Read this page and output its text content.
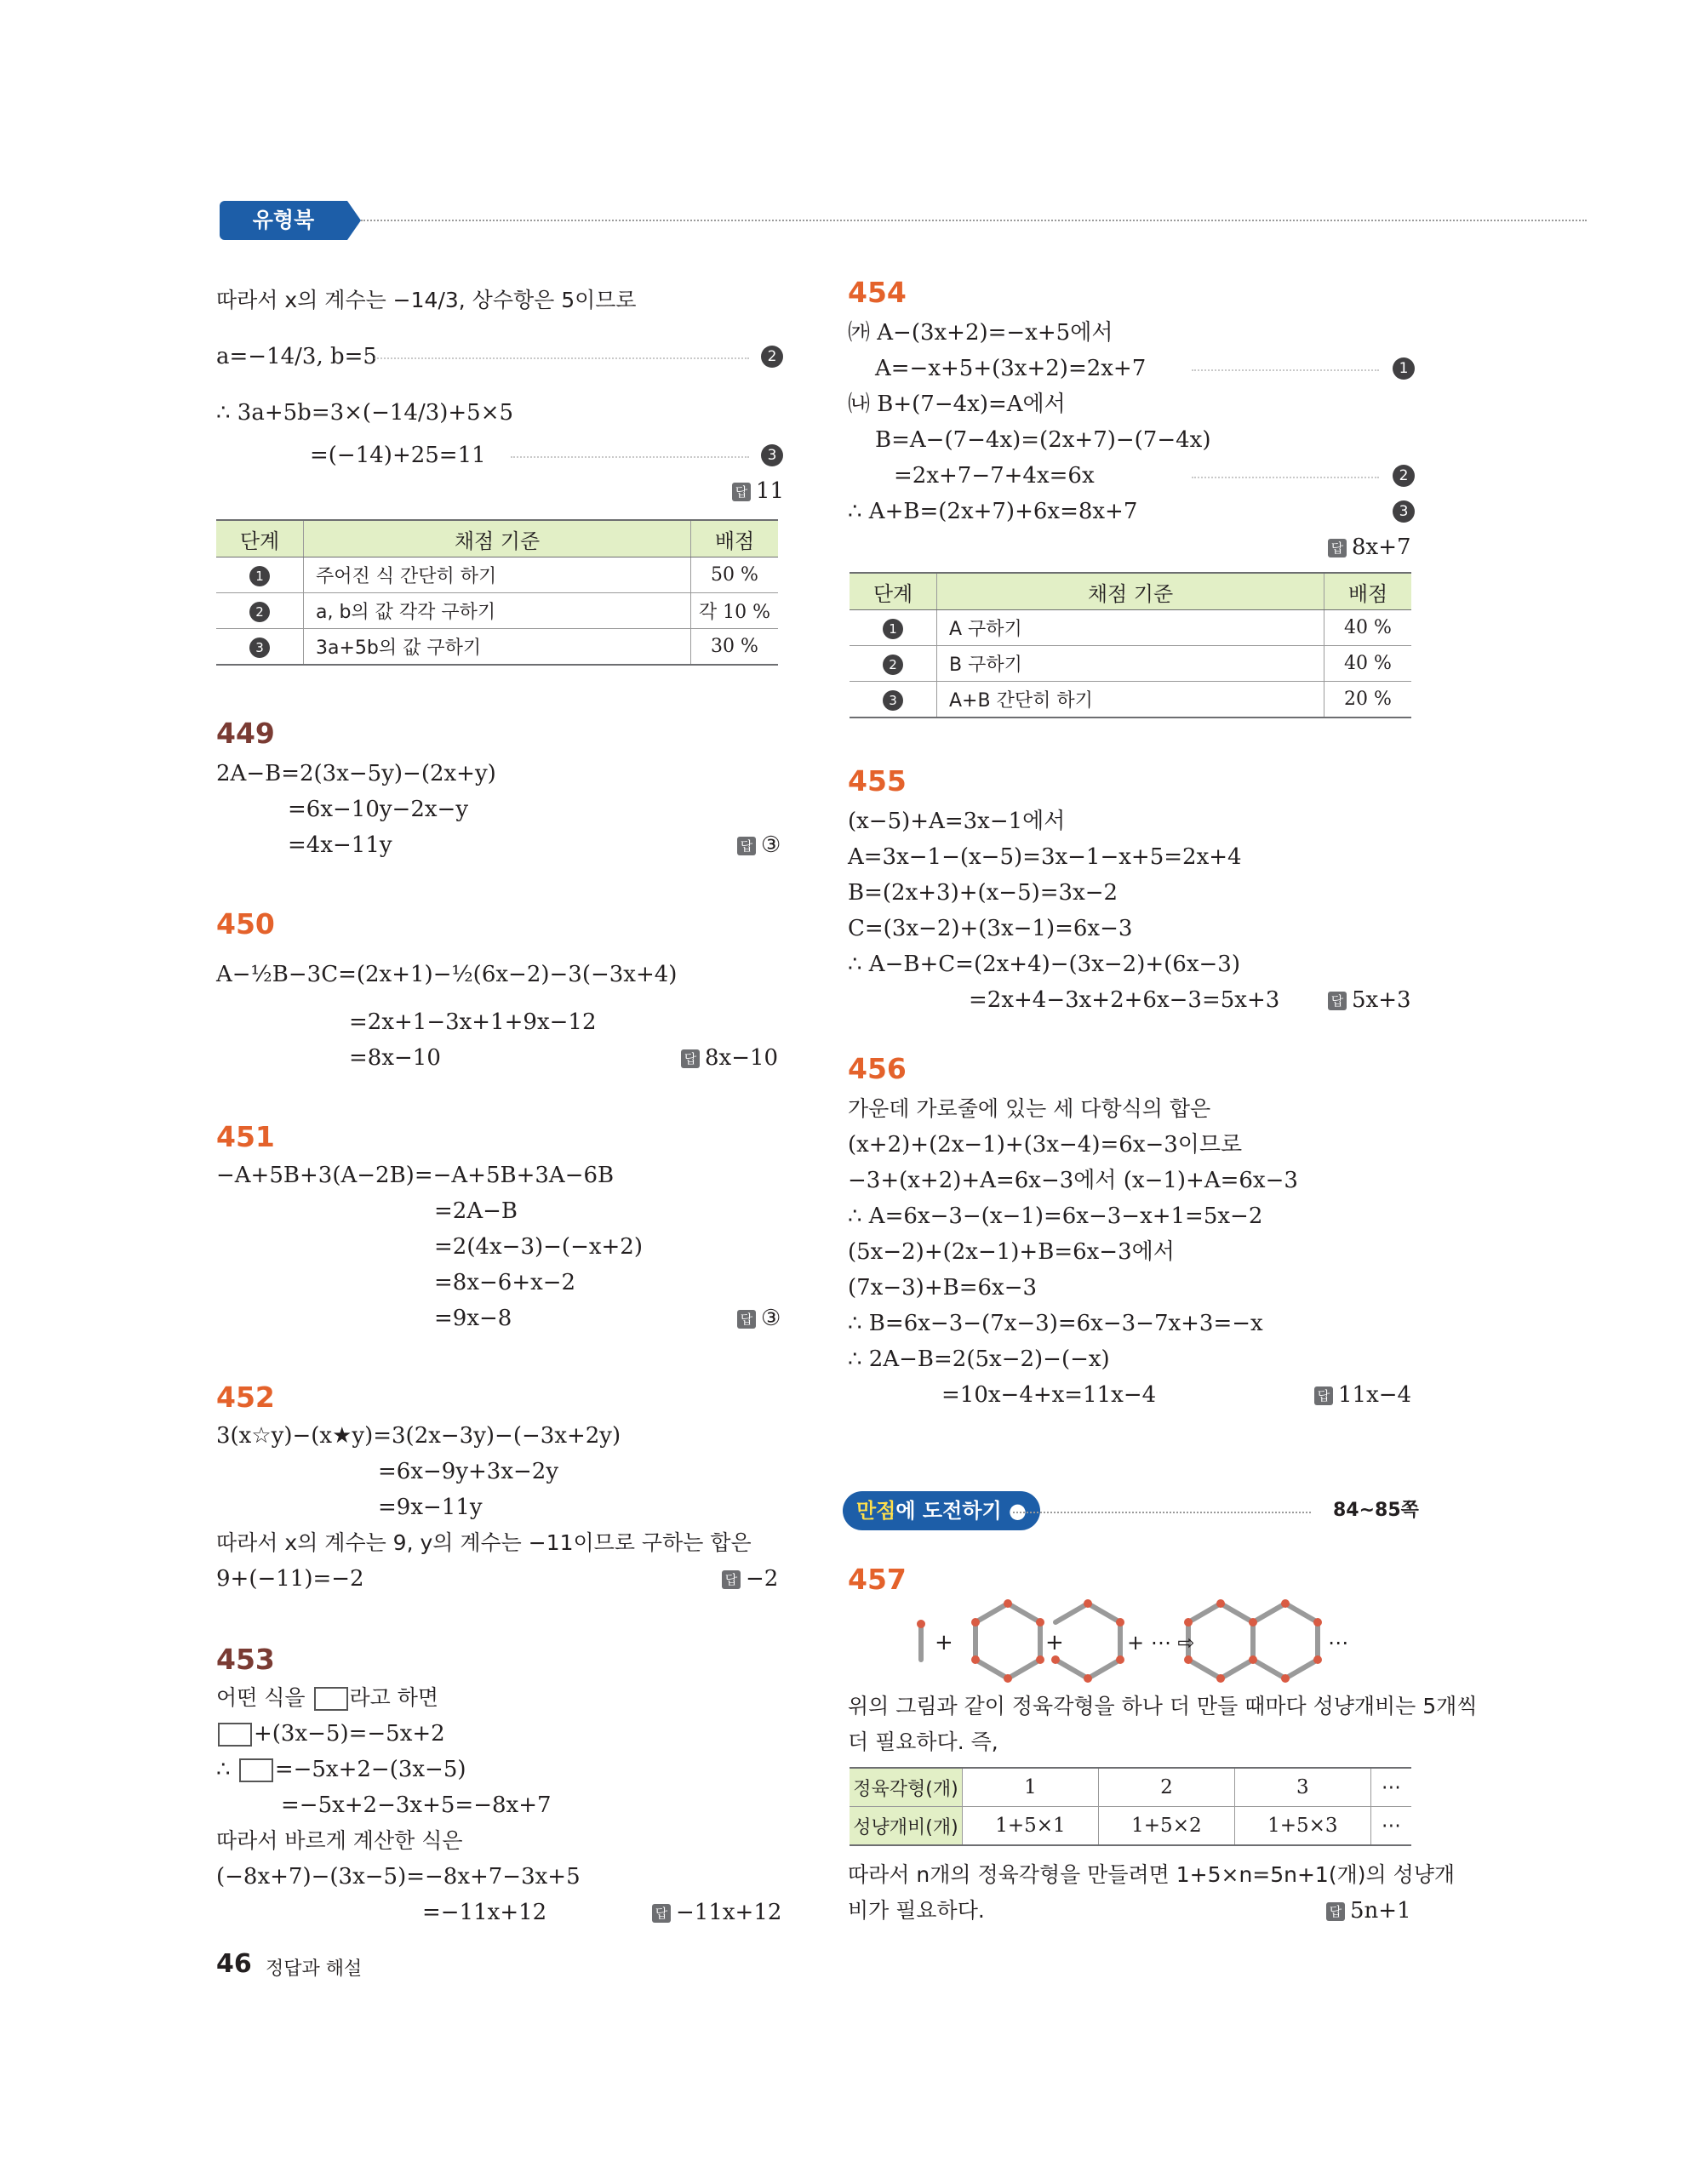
유형북
따라서 x의 계수는 −14/3, 상수항은 5이므로
a=−14/3, b=5	2
∴ 3a+5b=3×(−14/3)+5×5
=(−14)+25=11	3
답 11
단계	채점 기준	배점
1	주어진 식 간단히 하기	50 %
2	a, b의 값 각각 구하기	각 10 %
3	3a+5b의 값 구하기	30 %
449
2A−B=2(3x−5y)−(2x+y)
=6x−10y−2x−y
=4x−11y	답 ③
450
A−½B−3C=(2x+1)−½(6x−2)−3(−3x+4)
=2x+1−3x+1+9x−12
=8x−10	답 8x−10
451
−A+5B+3(A−2B)=−A+5B+3A−6B
=2A−B
=2(4x−3)−(−x+2)
=8x−6+x−2
=9x−8	답 ③
452
3(x☆y)−(x★y)=3(2x−3y)−(−3x+2y)
=6x−9y+3x−2y
=9x−11y
따라서 x의 계수는 9, y의 계수는 −11이므로 구하는 합은
9+(−11)=−2	답 −2
453
어떤 식을 라고 하면
+(3x−5)=−5x+2
∴ =−5x+2−(3x−5)
=−5x+2−3x+5=−8x+7
따라서 바르게 계산한 식은
(−8x+7)−(3x−5)=−8x+7−3x+5
=−11x+12	답 −11x+12
454
㈎ A−(3x+2)=−x+5에서
A=−x+5+(3x+2)=2x+7	1
㈏ B+(7−4x)=A에서
B=A−(7−4x)=(2x+7)−(7−4x)
=2x+7−7+4x=6x	2
∴ A+B=(2x+7)+6x=8x+7	3
답 8x+7
단계	채점 기준	배점
1	A 구하기	40 %
2	B 구하기	40 %
3	A+B 간단히 하기	20 %
455
(x−5)+A=3x−1에서
A=3x−1−(x−5)=3x−1−x+5=2x+4
B=(2x+3)+(x−5)=3x−2
C=(3x−2)+(3x−1)=6x−3
∴ A−B+C=(2x+4)−(3x−2)+(6x−3)
=2x+4−3x+2+6x−3=5x+3	답 5x+3
456
가운데 가로줄에 있는 세 다항식의 합은
(x+2)+(2x−1)+(3x−4)=6x−3이므로
−3+(x+2)+A=6x−3에서 (x−1)+A=6x−3
∴ A=6x−3−(x−1)=6x−3−x+1=5x−2
(5x−2)+(2x−1)+B=6x−3에서
(7x−3)+B=6x−3
∴ B=6x−3−(7x−3)=6x−3−7x+3=−x
∴ 2A−B=2(5x−2)−(−x)
=10x−4+x=11x−4	답 11x−4
만점에 도전하기 ●	84~85쪽
457
+	+	+ ⋯ ⇨	⋯
위의 그림과 같이 정육각형을 하나 더 만들 때마다 성냥개비는 5개씩
더 필요하다. 즉,
정육각형(개)	1	2	3	⋯
성냥개비(개)	1+5×1	1+5×2	1+5×3	⋯
따라서 n개의 정육각형을 만들려면 1+5×n=5n+1(개)의 성냥개
비가 필요하다.	답 5n+1
46 정답과 해설
